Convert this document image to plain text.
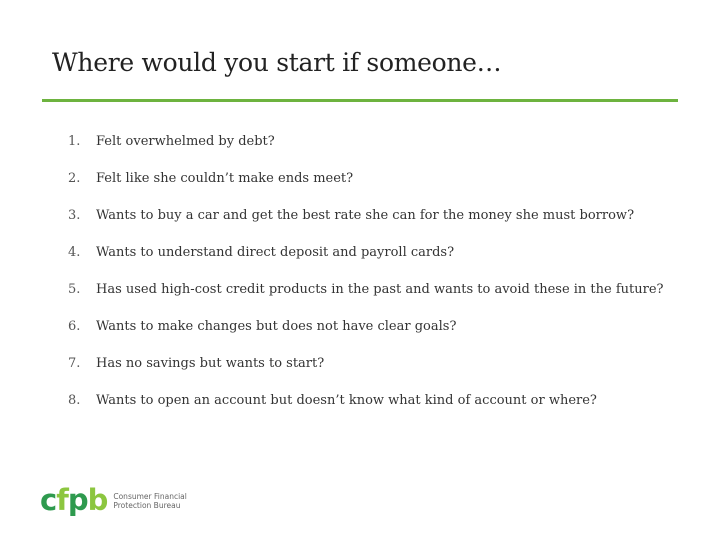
Where would you start if someone…
1.	Felt overwhelmed by debt?
2.	Felt like she couldn’t make ends meet?
3.	Wants to buy a car and get the best rate she can for the money she must borrow?
4.	Wants to understand direct deposit and payroll cards?
5.	Has used high-cost credit products in the past and wants to avoid these in the future?
6.	Wants to make changes but does not have clear goals?
7.	Has no savings but wants to start?
8.	Wants to open an account but doesn’t know what kind of account or where?
cfpb Consumer Financial
Protection Bureau
